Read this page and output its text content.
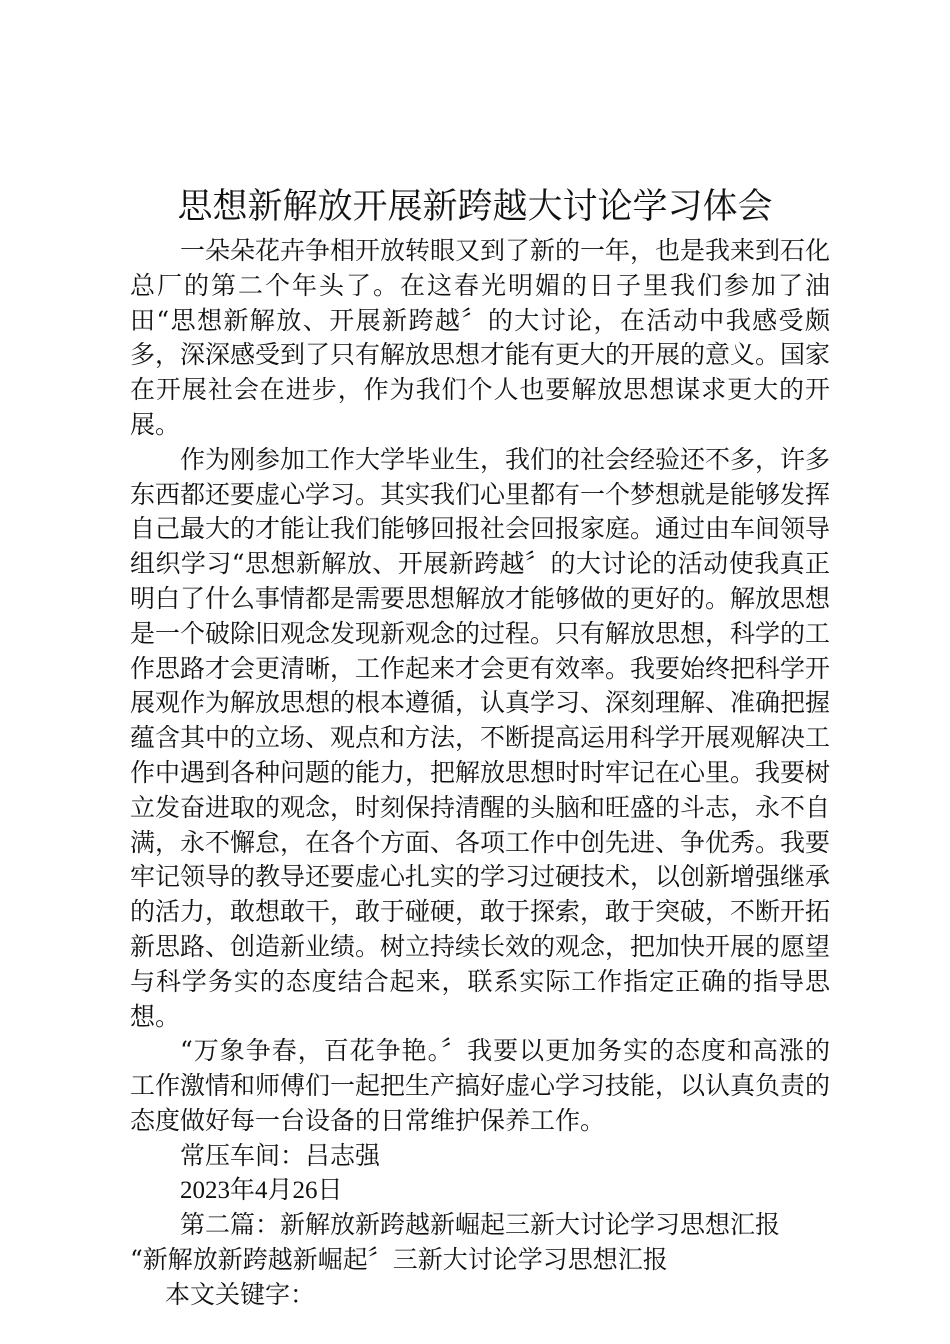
思想新解放开展新跨越大讨论学习体会

一朵朵花卉争相开放转眼又到了新的一年，也是我来到石化总厂的第二个年头了。在这春光明媚的日子里我们参加了油田“思想新解放、开展新跨越〞的大讨论，在活动中我感受颇多，深深感受到了只有解放思想才能有更大的开展的意义。国家在开展社会在进步，作为我们个人也要解放思想谋求更大的开展。

作为刚参加工作大学毕业生，我们的社会经验还不多，许多东西都还要虚心学习。其实我们心里都有一个梦想就是能够发挥自己最大的才能让我们能够回报社会回报家庭。通过由车间领导组织学习“思想新解放、开展新跨越〞的大讨论的活动使我真正明白了什么事情都是需要思想解放才能够做的更好的。解放思想是一个破除旧观念发现新观念的过程。只有解放思想，科学的工作思路才会更清晰，工作起来才会更有效率。我要始终把科学开展观作为解放思想的根本遵循，认真学习、深刻理解、准确把握蕴含其中的立场、观点和方法，不断提高运用科学开展观解决工作中遇到各种问题的能力，把解放思想时时牢记在心里。我要树立发奋进取的观念，时刻保持清醒的头脑和旺盛的斗志，永不自满，永不懈怠，在各个方面、各项工作中创先进、争优秀。我要牢记领导的教导还要虚心扎实的学习过硬技术，以创新增强继承的活力，敢想敢干，敢于碰硬，敢于探索，敢于突破，不断开拓新思路、创造新业绩。树立持续长效的观念，把加快开展的愿望与科学务实的态度结合起来，联系实际工作指定正确的指导思想。

“万象争春，百花争艳。〞我要以更加务实的态度和高涨的工作激情和师傅们一起把生产搞好虚心学习技能，以认真负责的态度做好每一台设备的日常维护保养工作。

常压车间：吕志强

2023年4月26日

第二篇：新解放新跨越新崛起三新大讨论学习思想汇报

“新解放新跨越新崛起〞三新大讨论学习思想汇报

本文关键字：
